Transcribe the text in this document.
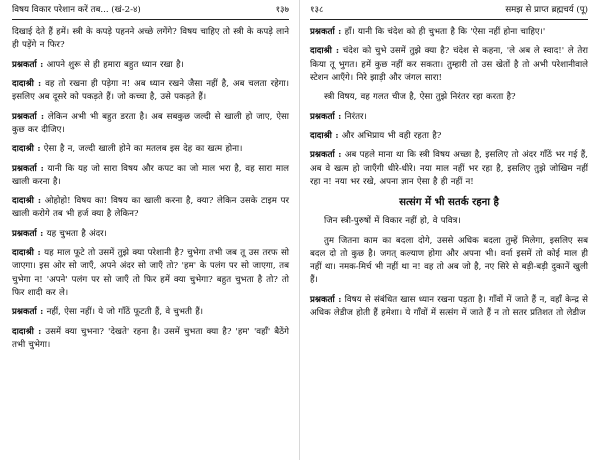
विषय विकार परेशान करें तब... (खं-2-४)	१३७

दिखाई देते हैं हमें। स्त्री के कपड़े पहनने अच्छे लगेंगे? विषय चाहिए तो स्त्री के कपड़े लाने ही पड़ेंगे न फिर?

प्रश्नकर्ता : आपने शुरू से ही हमारा बहुत ध्यान रखा है।

दादाश्री : वह तो रखना ही पड़ेगा न! अब ध्यान रखने जैसा नहीं है, अब चलता रहेगा। इसलिए अब दूसरे को पकड़ते हैं। जो कच्चा है, उसे पकड़ते हैं।

प्रश्नकर्ता : लेकिन अभी भी बहुत डरता है। अब सबकुछ जल्दी से खाली हो जाए, ऐसा कुछ कर दीजिए।

दादाश्री : ऐसा है न, जल्दी खाली होने का मतलब इस देह का खत्म होना।

प्रश्नकर्ता : यानी कि यह जो सारा विषय और कपट का जो माल भरा है, वह सारा माल खाली करना है।

दादाश्री : ओहोहो! विषय का! विषय का खाली करना है, क्या? लेकिन उसके टाइम पर खाली करोगे तब भी हर्ज क्या है लेकिन?

प्रश्नकर्ता : यह चुभता है अंदर।

दादाश्री : यह माल फूटे तो उसमें तुझे क्या परेशानी है? चुभेगा तभी जब तू उस तरफ सो जाएगा। इस ओर सो जाएँ, अपने अंदर सो जाएँ तो? 'हम' के पलंग पर सो जाएगा, तब चुभेगा न! 'अपने' पलंग पर सो जाएँ तो फिर हमें क्या चुभेगा? बहुत चुभता है तो? तो फिर शादी कर ले।

प्रश्नकर्ता : नहीं, ऐसा नहीं। ये जो गाँठें फूटती हैं, वे चुभती हैं।

दादाश्री : उसमें क्या चुभना? 'देखते' रहना है। उसमें चुभता क्या है? 'हम' 'वहाँ' बैठेंगे तभी चुभेगा।

१३८	समझ से प्राप्त ब्रह्मचर्य (पू)

प्रश्नकर्ता : हाँ। यानी कि चंदेश को ही चुभता है कि 'ऐसा नहीं होना चाहिए।'

दादाश्री : चंदेश को चुभे उसमें तुझे क्या है? चंदेश से कहना, 'ले अब ले स्वाद!' ले तेरा किया तू भुगत। हमें कुछ नहीं कर सकता। तुम्हारी तो उस खेतों है तो अभी परेशानीवाले स्टेशन आएँगे। निरे झाड़ी और जंगल सारा!

स्त्री विषय, वह गलत चीज है, ऐसा तुझे निरंतर रहा करता है?

प्रश्नकर्ता : निरंतर।

दादाश्री : और अभिप्राय भी वही रहता है?

प्रश्नकर्ता : अब पहले माना था कि स्त्री विषय अच्छा है, इसलिए तो अंदर गाँठें भर गई हैं, अब वे खत्म हो जाएँगी धीरे-धीरे। नया माल नहीं भर रहा है, इसलिए तुझे जोखिम नहीं रहा न! नया भर रखे, अपना ज्ञान ऐसा है ही नहीं न!

सत्संग में भी सतर्क रहना है

जिन स्त्री-पुरुषों में विकार नहीं हो, वे पवित्र।

तुम जितना काम का बदला दोगे, उससे अधिक बदला तुम्हें मिलेगा, इसलिए सब बदल दो तो कुछ है। जगत् कल्याण होगा और अपना भी। वर्ना इसमें तो कोई माल ही नहीं था। नमक-मिर्च भी नहीं था न! वह तो अब जो है, नए सिरे से बड़ी-बड़ी दुकानें खुली हैं।

प्रश्नकर्ता : विषय से संबंधित खास ध्यान रखना पड़ता है। गाँवों में जाते हैं न, वहाँ केन्द्र से अधिक लेडीज होती हैं हमेशा। ये गाँवों में सत्संग में जाते हैं न तो सतर प्रतिशत तो लेडीज
